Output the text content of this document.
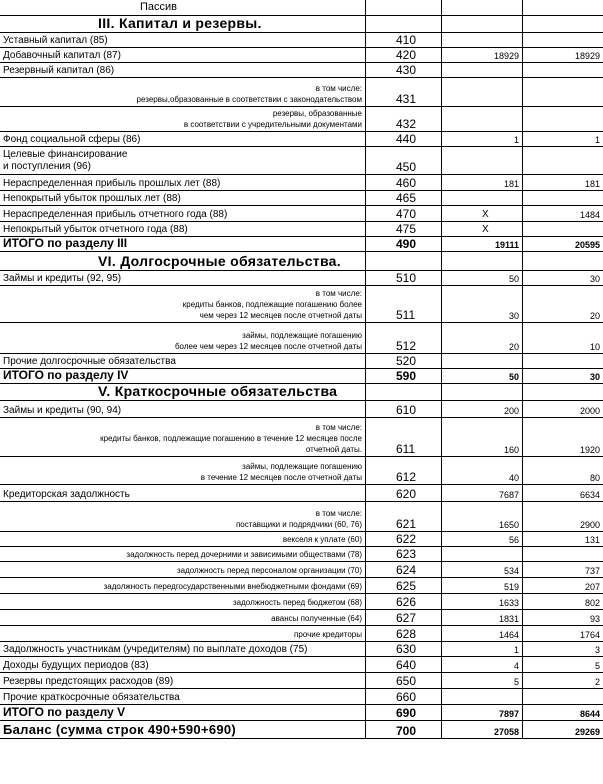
Пассив
III. Капитал и резервы.
Уставный капитал (85)	410
Добавочный капитал (87)	420	18929	18929
Резервный капитал (86)	430
в том числе:
резервы,образованные в соответствии с законодательством	431
резервы, образованные
в соответствии с учредительными документами	432
Фонд социальной сферы (86)	440	1	1
Целевые финансирование
и поступления (96)	450
Нераспределенная прибыль прошлых лет (88)	460	181	181
Непокрытый убыток прошлых лет (88)	465
Нераспределенная прибыль отчетного года (88)	470	X	1484
Непокрытый убыток отчетного года (88)	475	X
ИТОГО по разделу III	490	19111	20595
VI. Долгосрочные обязательства.
Займы и кредиты (92, 95)	510	50	30
в том числе:
кредиты банков, подлежащие погашению более
чем через 12 месяцев после отчетной даты	511	30	20
займы, подлежащие погашению
более чем через 12 месяцев после отчетной даты	512	20	10
Прочие долгосрочные обязательства	520
ИТОГО по разделу IV	590	50	30
V. Краткосрочные обязательства
Займы и кредиты (90, 94)	610	200	2000
в том числе:
кредиты банков, подлежащие погашению в течение 12 месяцев после
отчетной даты.	611	160	1920
займы, подлежащие погашению
в течение 12 месяцев после отчетной даты	612	40	80
Кредиторская задолжность	620	7687	6634
в том числе:
поставщики и подрядчики (60, 76)	621	1650	2900
векселя к уплате (60)	622	56	131
задолжность перед дочерними и зависимыми обществами (78)	623
задолжность перед персоналом организации (70)	624	534	737
задолжность передгосударственными внебюджетными фондами (69)	625	519	207
задолжность перед бюджетом (68)	626	1633	802
авансы полученные (64)	627	1831	93
прочие кредиторы	628	1464	1764
Задолжность участникам (учредителям) по выплате доходов (75)	630	1	3
Доходы будущих периодов (83)	640	4	5
Резервы предстоящих расходов (89)	650	5	2
Прочие краткосрочные обязательства	660
ИТОГО по разделу V	690	7897	8644
Баланс (сумма строк 490+590+690)	700	27058	29269
